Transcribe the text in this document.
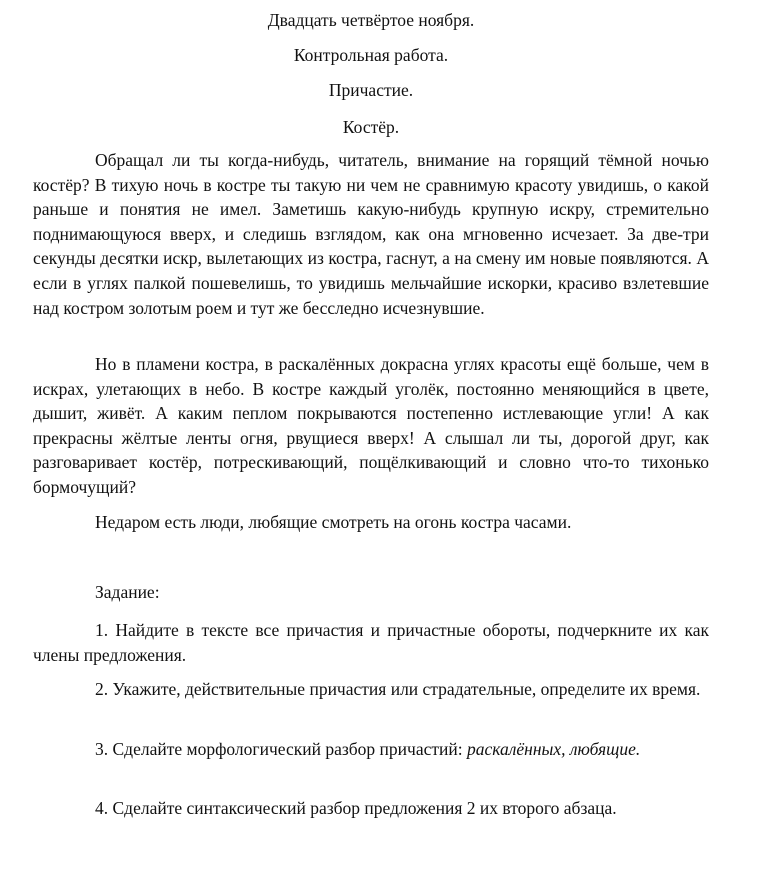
Двадцать четвёртое ноября.

Контрольная работа.

Причастие.

Костёр.

Обращал ли ты когда-нибудь, читатель, внимание на горящий тёмной ночью костёр? В тихую ночь в костре ты такую ни чем не сравнимую красоту увидишь, о какой раньше и понятия не имел. Заметишь какую-нибудь крупную искру, стремительно поднимающуюся вверх, и следишь взглядом, как она мгновенно исчезает. За две-три секунды десятки искр, вылетающих из костра, гаснут, а на смену им новые появляются. А если в углях палкой пошевелишь, то увидишь мельчайшие искорки, красиво взлетевшие над костром золотым роем и тут же бесследно исчезнувшие.

Но в пламени костра, в раскалённых докрасна углях красоты ещё больше, чем в искрах, улетающих в небо. В костре каждый уголёк, постоянно меняющийся в цвете, дышит, живёт. А каким пеплом покрываются постепенно истлевающие угли! А как прекрасны жёлтые ленты огня, рвущиеся вверх! А слышал ли ты, дорогой друг, как разговаривает костёр, потрескивающий, пощёлкивающий и словно что-то тихонько бормочущий?

Недаром есть люди, любящие смотреть на огонь костра часами.

Задание:

1. Найдите в тексте все причастия и причастные обороты, подчеркните их как члены предложения.

2. Укажите, действительные причастия или страдательные, определите их время.

3. Сделайте морфологический разбор причастий: раскалённых, любящие.

4. Сделайте синтаксический разбор предложения 2 их второго абзаца.
